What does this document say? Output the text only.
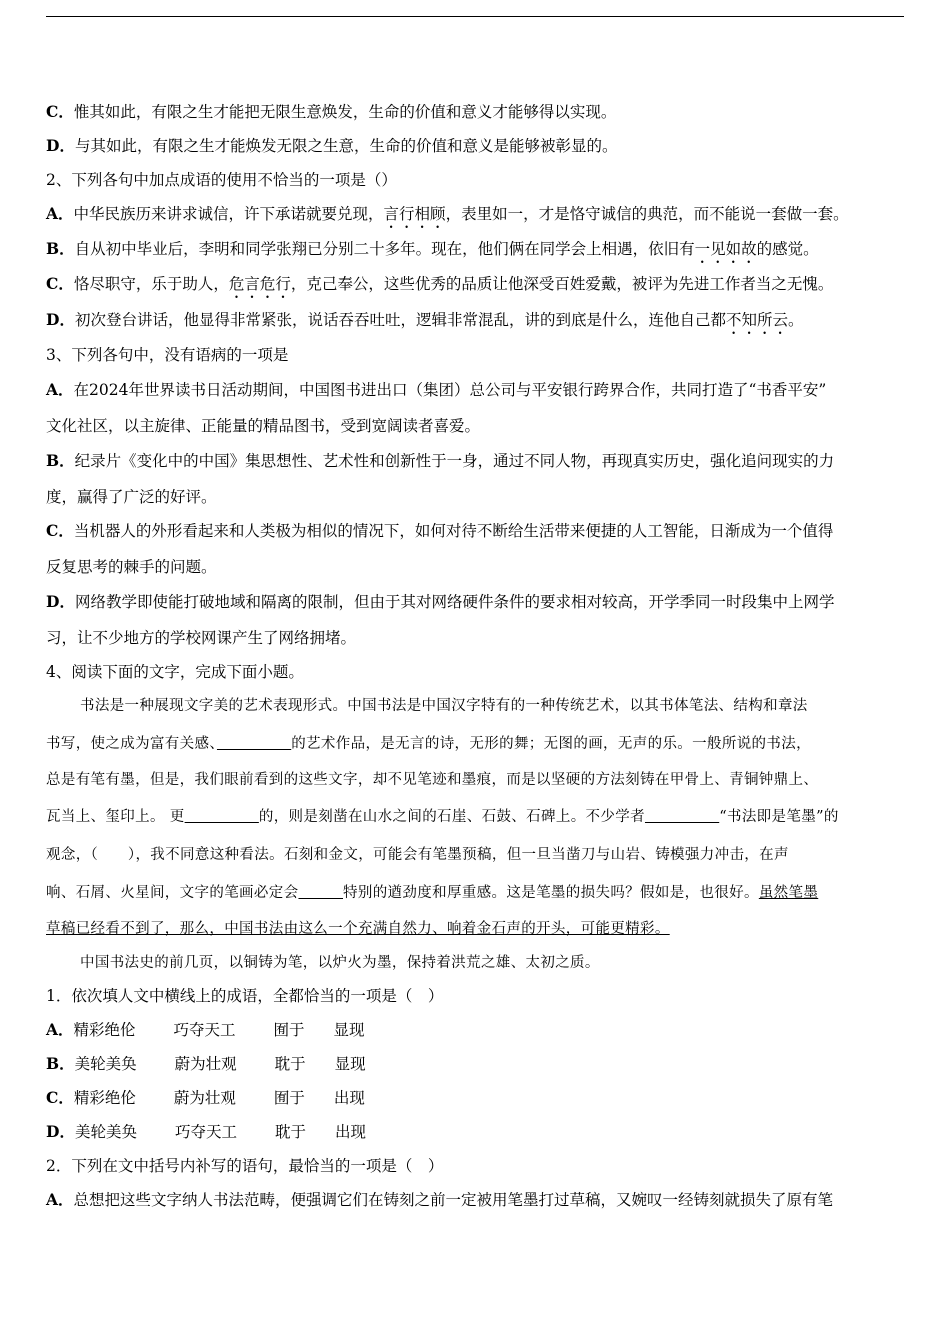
C．惟其如此，有限之生才能把无限生意焕发，生命的价值和意义才能够得以实现。
D．与其如此，有限之生才能焕发无限之生意，生命的价值和意义是能够被彰显的。
2、下列各句中加点成语的使用不恰当的一项是（）
A．中华民族历来讲求诚信，许下承诺就要兑现，言行相顾，表里如一，才是恪守诚信的典范，而不能说一套做一套。
B．自从初中毕业后，李明和同学张翔已分别二十多年。现在，他们俩在同学会上相遇，依旧有一见如故的感觉。
C．恪尽职守，乐于助人，危言危行，克己奉公，这些优秀的品质让他深受百姓爱戴，被评为先进工作者当之无愧。
D．初次登台讲话，他显得非常紧张，说话吞吞吐吐，逻辑非常混乱，讲的到底是什么，连他自己都不知所云。
3、下列各句中，没有语病的一项是
A．在2024年世界读书日活动期间，中国图书进出口（集团）总公司与平安银行跨界合作，共同打造了“书香平安”
文化社区，以主旋律、正能量的精品图书，受到宽阔读者喜爱。
B．纪录片《变化中的中国》集思想性、艺术性和创新性于一身，通过不同人物，再现真实历史，强化追问现实的力
度，赢得了广泛的好评。
C．当机器人的外形看起来和人类极为相似的情况下，如何对待不断给生活带来便捷的人工智能，日渐成为一个值得
反复思考的棘手的问题。
D．网络教学即使能打破地域和隔离的限制，但由于其对网络硬件条件的要求相对较高，开学季同一时段集中上网学
习，让不少地方的学校网课产生了网络拥堵。
4、阅读下面的文字，完成下面小题。
书法是一种展现文字美的艺术表现形式。中国书法是中国汉字特有的一种传统艺术，以其书体笔法、结构和章法
书写，使之成为富有关感、　　　　　	的艺术作品，是无言的诗，无形的舞；无图的画，无声的乐。一般所说的书法，
总是有笔有墨，但是，我们眼前看到的这些文字，却不见笔迹和墨痕，而是以坚硬的方法刻铸在甲骨上、青铜钟鼎上、
瓦当上、玺印上。 更　　　　　	的，则是刻凿在山水之间的石崖、石鼓、石碑上。不少学者　　　　　	“书法即是笔墨”的
观念，（　　），我不同意这种看法。石刻和金文，可能会有笔墨预稿，但一旦当凿刀与山岩、铸模强力冲击，在声
响、石屑、火星间，文字的笔画必定会　　　	特别的遒劲度和厚重感。这是笔墨的损失吗？假如是，也很好。虽然笔墨
草稿已经看不到了，那么，中国书法由这么一个充满自然力、响着金石声的开头，可能更精彩。
中国书法史的前几页，以铜铸为笔，以炉火为墨，保持着洪荒之雄、太初之质。
1．依次填人文中横线上的成语，全都恰当的一项是（　）
A．精彩绝伦 巧夺天工 囿于 显现
B．美轮美奂 蔚为壮观 耽于 显现
C．精彩绝伦 蔚为壮观 囿于 出现
D．美轮美奂 巧夺天工 耽于 出现
2．下列在文中括号内补写的语句，最恰当的一项是（　）
A．总想把这些文字纳人书法范畴，便强调它们在铸刻之前一定被用笔墨打过草稿，又婉叹一经铸刻就损失了原有笔
